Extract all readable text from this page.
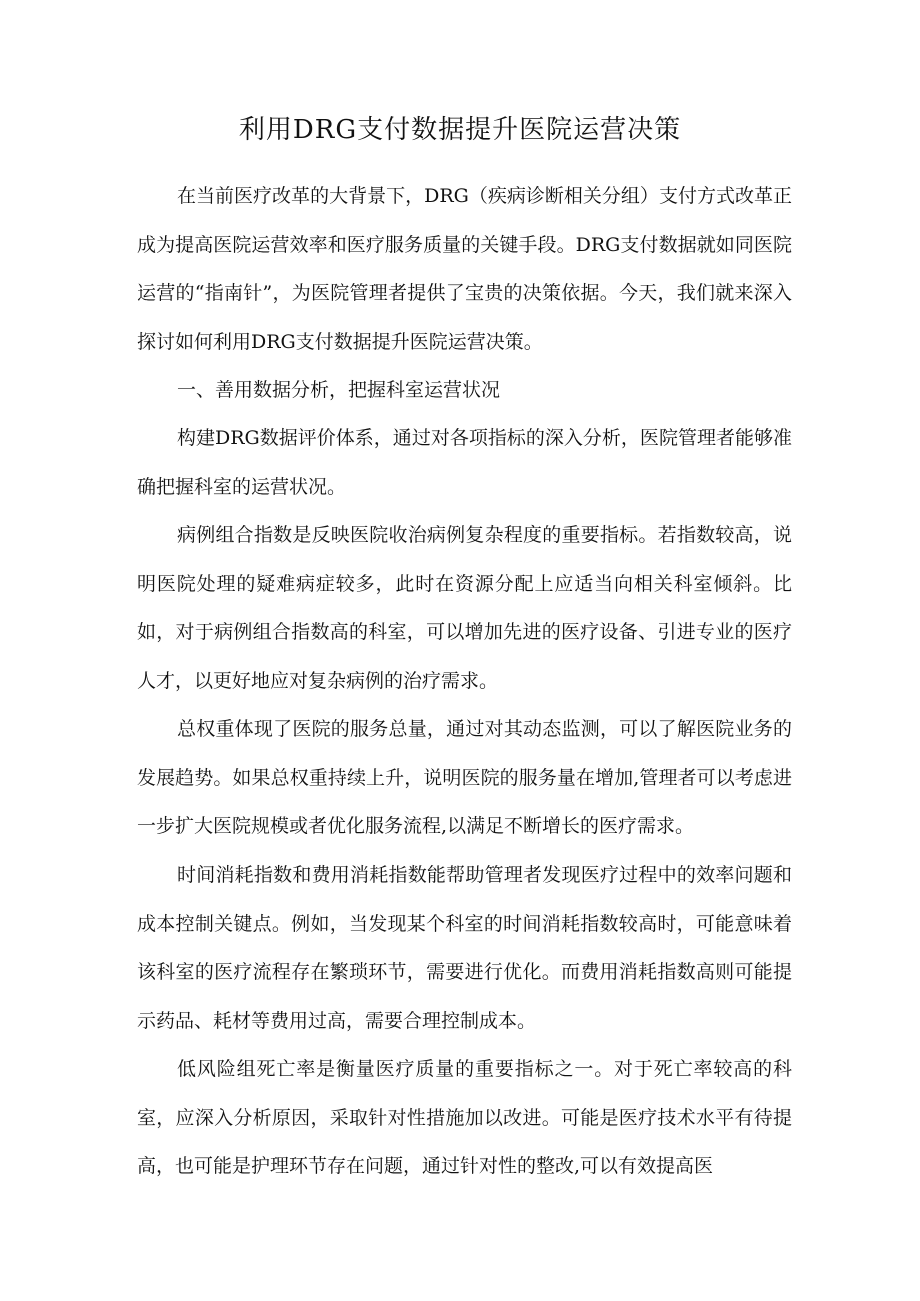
利用DRG支付数据提升医院运营决策

在当前医疗改革的大背景下，DRG（疾病诊断相关分组）支付方式改革正成为提高医院运营效率和医疗服务质量的关键手段。DRG支付数据就如同医院运营的“指南针”，为医院管理者提供了宝贵的决策依据。今天，我们就来深入探讨如何利用DRG支付数据提升医院运营决策。

一、善用数据分析，把握科室运营状况

构建DRG数据评价体系，通过对各项指标的深入分析，医院管理者能够准确把握科室的运营状况。

病例组合指数是反映医院收治病例复杂程度的重要指标。若指数较高，说明医院处理的疑难病症较多，此时在资源分配上应适当向相关科室倾斜。比如，对于病例组合指数高的科室，可以增加先进的医疗设备、引进专业的医疗人才，以更好地应对复杂病例的治疗需求。

总权重体现了医院的服务总量，通过对其动态监测，可以了解医院业务的发展趋势。如果总权重持续上升，说明医院的服务量在增加,管理者可以考虑进一步扩大医院规模或者优化服务流程,以满足不断增长的医疗需求。

时间消耗指数和费用消耗指数能帮助管理者发现医疗过程中的效率问题和成本控制关键点。例如，当发现某个科室的时间消耗指数较高时，可能意味着该科室的医疗流程存在繁琐环节，需要进行优化。而费用消耗指数高则可能提示药品、耗材等费用过高，需要合理控制成本。

低风险组死亡率是衡量医疗质量的重要指标之一。对于死亡率较高的科室，应深入分析原因，采取针对性措施加以改进。可能是医疗技术水平有待提高，也可能是护理环节存在问题，通过针对性的整改,可以有效提高医
